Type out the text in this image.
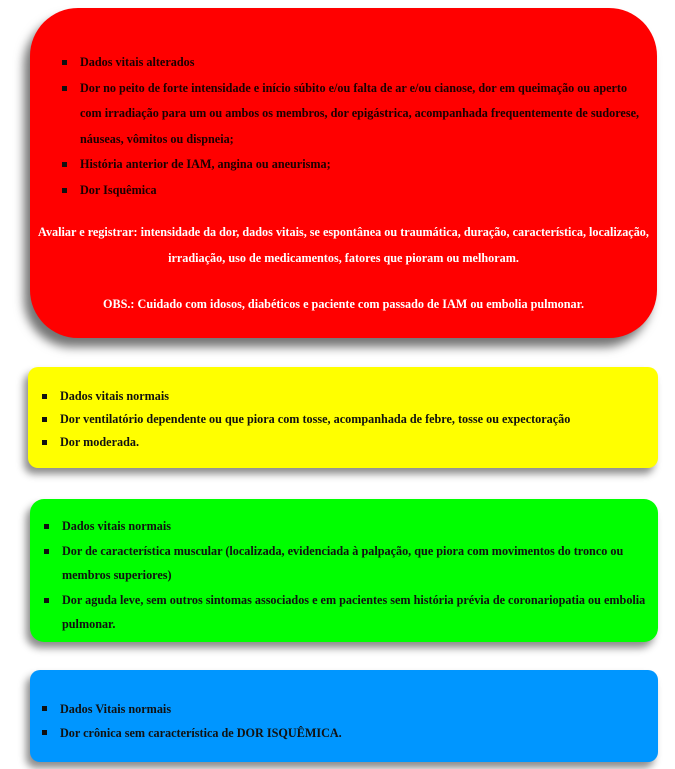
Dados vitais alterados
Dor no peito de forte intensidade e início súbito e/ou falta de ar e/ou cianose, dor em queimação ou aperto com irradiação para um ou ambos os membros, dor epigástrica, acompanhada frequentemente de sudorese, náuseas, vômitos ou dispneia;
História anterior de IAM, angina ou aneurisma;
Dor Isquêmica
Avaliar e registrar: intensidade da dor, dados vitais, se espontânea ou traumática, duração, característica, localização, irradiação, uso de medicamentos, fatores que pioram ou melhoram.
OBS.: Cuidado com idosos, diabéticos e paciente com passado de IAM ou embolia pulmonar.
Dados vitais normais
Dor ventilatório dependente ou que piora com tosse, acompanhada de febre, tosse ou expectoração
Dor moderada.
Dados vitais normais
Dor de característica muscular (localizada, evidenciada à palpação, que piora com movimentos do tronco ou membros superiores)
Dor aguda leve, sem outros sintomas associados e em pacientes sem história prévia de coronariopatia ou embolia pulmonar.
Dados Vitais normais
Dor crônica sem característica de DOR ISQUÊMICA.
